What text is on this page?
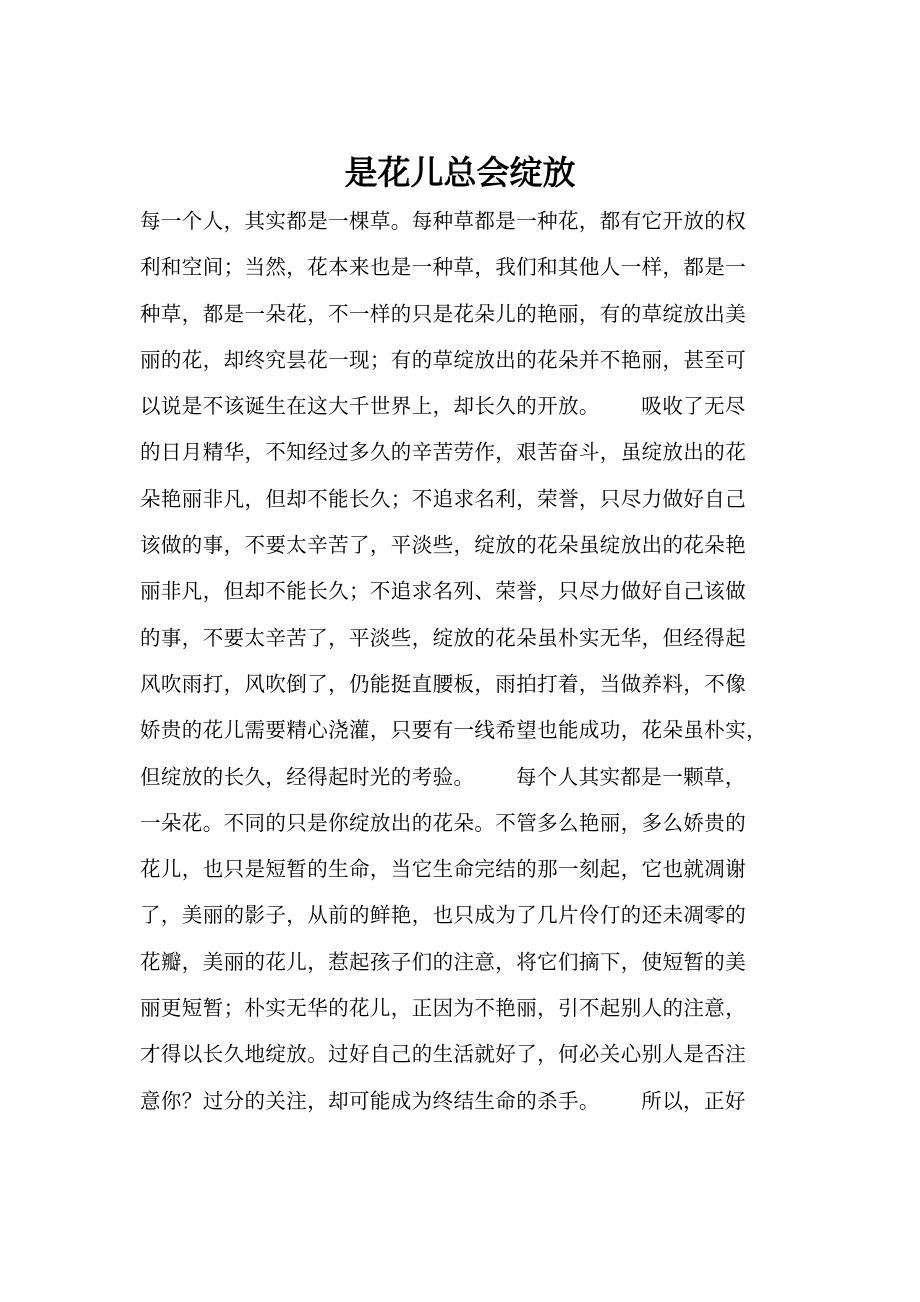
是花儿总会绽放
每一个人，其实都是一棵草。每种草都是一种花，都有它开放的权
利和空间；当然，花本来也是一种草，我们和其他人一样，都是一
种草，都是一朵花，不一样的只是花朵儿的艳丽，有的草绽放出美
丽的花，却终究昙花一现；有的草绽放出的花朵并不艳丽，甚至可
以说是不该诞生在这大千世界上，却长久的开放。      吸收了无尽
的日月精华，不知经过多久的辛苦劳作，艰苦奋斗，虽绽放出的花
朵艳丽非凡，但却不能长久；不追求名利，荣誉，只尽力做好自己
该做的事，不要太辛苦了，平淡些，绽放的花朵虽绽放出的花朵艳
丽非凡，但却不能长久；不追求名列、荣誉，只尽力做好自己该做
的事，不要太辛苦了，平淡些，绽放的花朵虽朴实无华，但经得起
风吹雨打，风吹倒了，仍能挺直腰板，雨拍打着，当做养料，不像
娇贵的花儿需要精心浇灌，只要有一线希望也能成功，花朵虽朴实，
但绽放的长久，经得起时光的考验。      每个人其实都是一颗草，
一朵花。不同的只是你绽放出的花朵。不管多么艳丽，多么娇贵的
花儿，也只是短暂的生命，当它生命完结的那一刻起，它也就凋谢
了，美丽的影子，从前的鲜艳，也只成为了几片伶仃的还未凋零的
花瓣，美丽的花儿，惹起孩子们的注意，将它们摘下，使短暂的美
丽更短暂；朴实无华的花儿，正因为不艳丽，引不起别人的注意，
才得以长久地绽放。过好自己的生活就好了，何必关心别人是否注
意你？过分的关注，却可能成为终结生命的杀手。      所以，正好
